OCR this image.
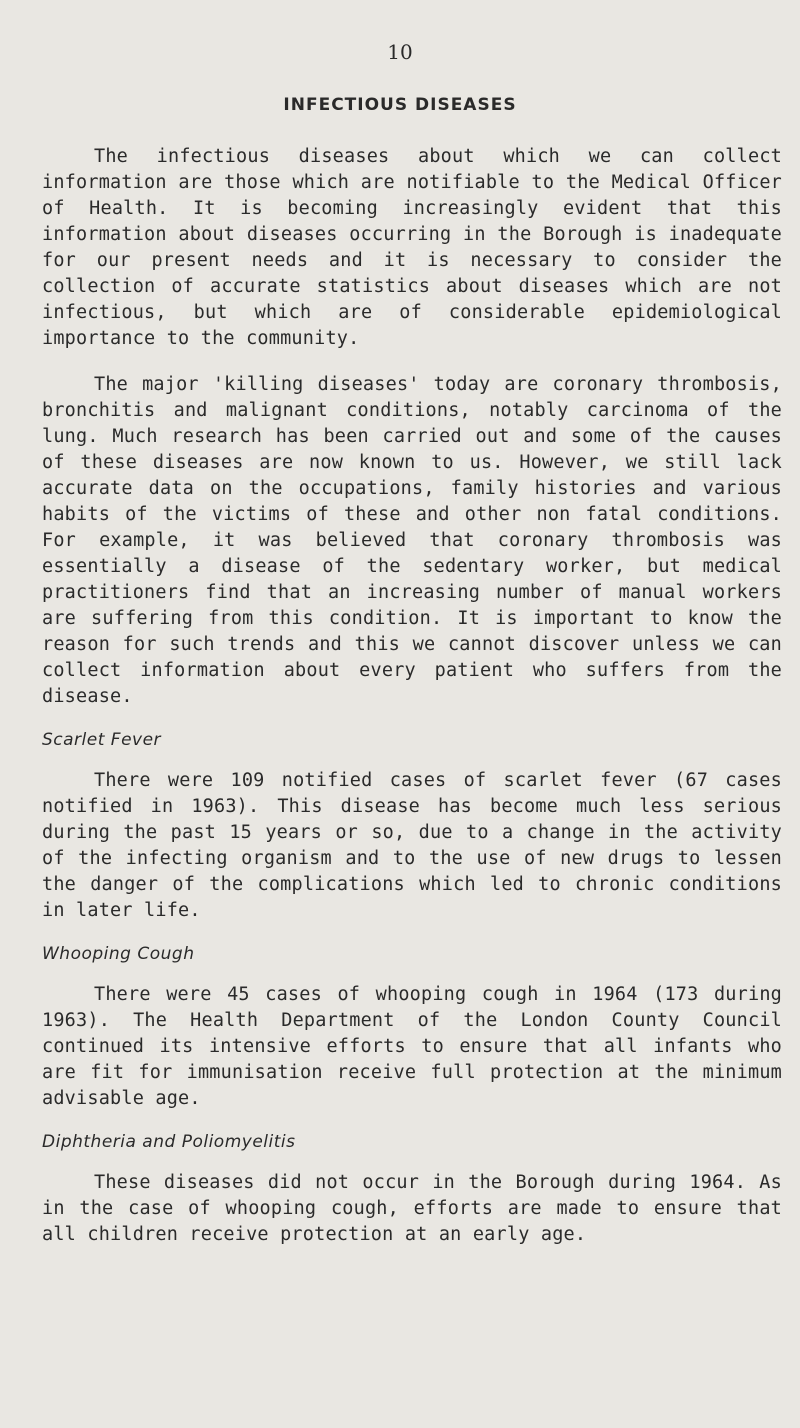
10
INFECTIOUS DISEASES

The infectious diseases about which we can collect information are those which are notifiable to the Medical Officer of Health. It is becoming increasingly evident that this information about diseases occurring in the Borough is inadequate for our present needs and it is necessary to consider the collection of accurate statistics about diseases which are not infectious, but which are of considerable epidemiological importance to the community.

The major 'killing diseases' today are coronary thrombosis, bronchitis and malignant conditions, notably carcinoma of the lung. Much research has been carried out and some of the causes of these diseases are now known to us. However, we still lack accurate data on the occupations, family histories and various habits of the victims of these and other non fatal conditions. For example, it was believed that coronary thrombosis was essentially a disease of the sedentary worker, but medical practitioners find that an increasing number of manual workers are suffering from this condition. It is important to know the reason for such trends and this we cannot discover unless we can collect information about every patient who suffers from the disease.

Scarlet Fever

There were 109 notified cases of scarlet fever (67 cases notified in 1963). This disease has become much less serious during the past 15 years or so, due to a change in the activity of the infecting organism and to the use of new drugs to lessen the danger of the complications which led to chronic conditions in later life.

Whooping Cough

There were 45 cases of whooping cough in 1964 (173 during 1963). The Health Department of the London County Council continued its intensive efforts to ensure that all infants who are fit for immunisation receive full protection at the minimum advisable age.

Diphtheria and Poliomyelitis

These diseases did not occur in the Borough during 1964. As in the case of whooping cough, efforts are made to ensure that all children receive protection at an early age.
